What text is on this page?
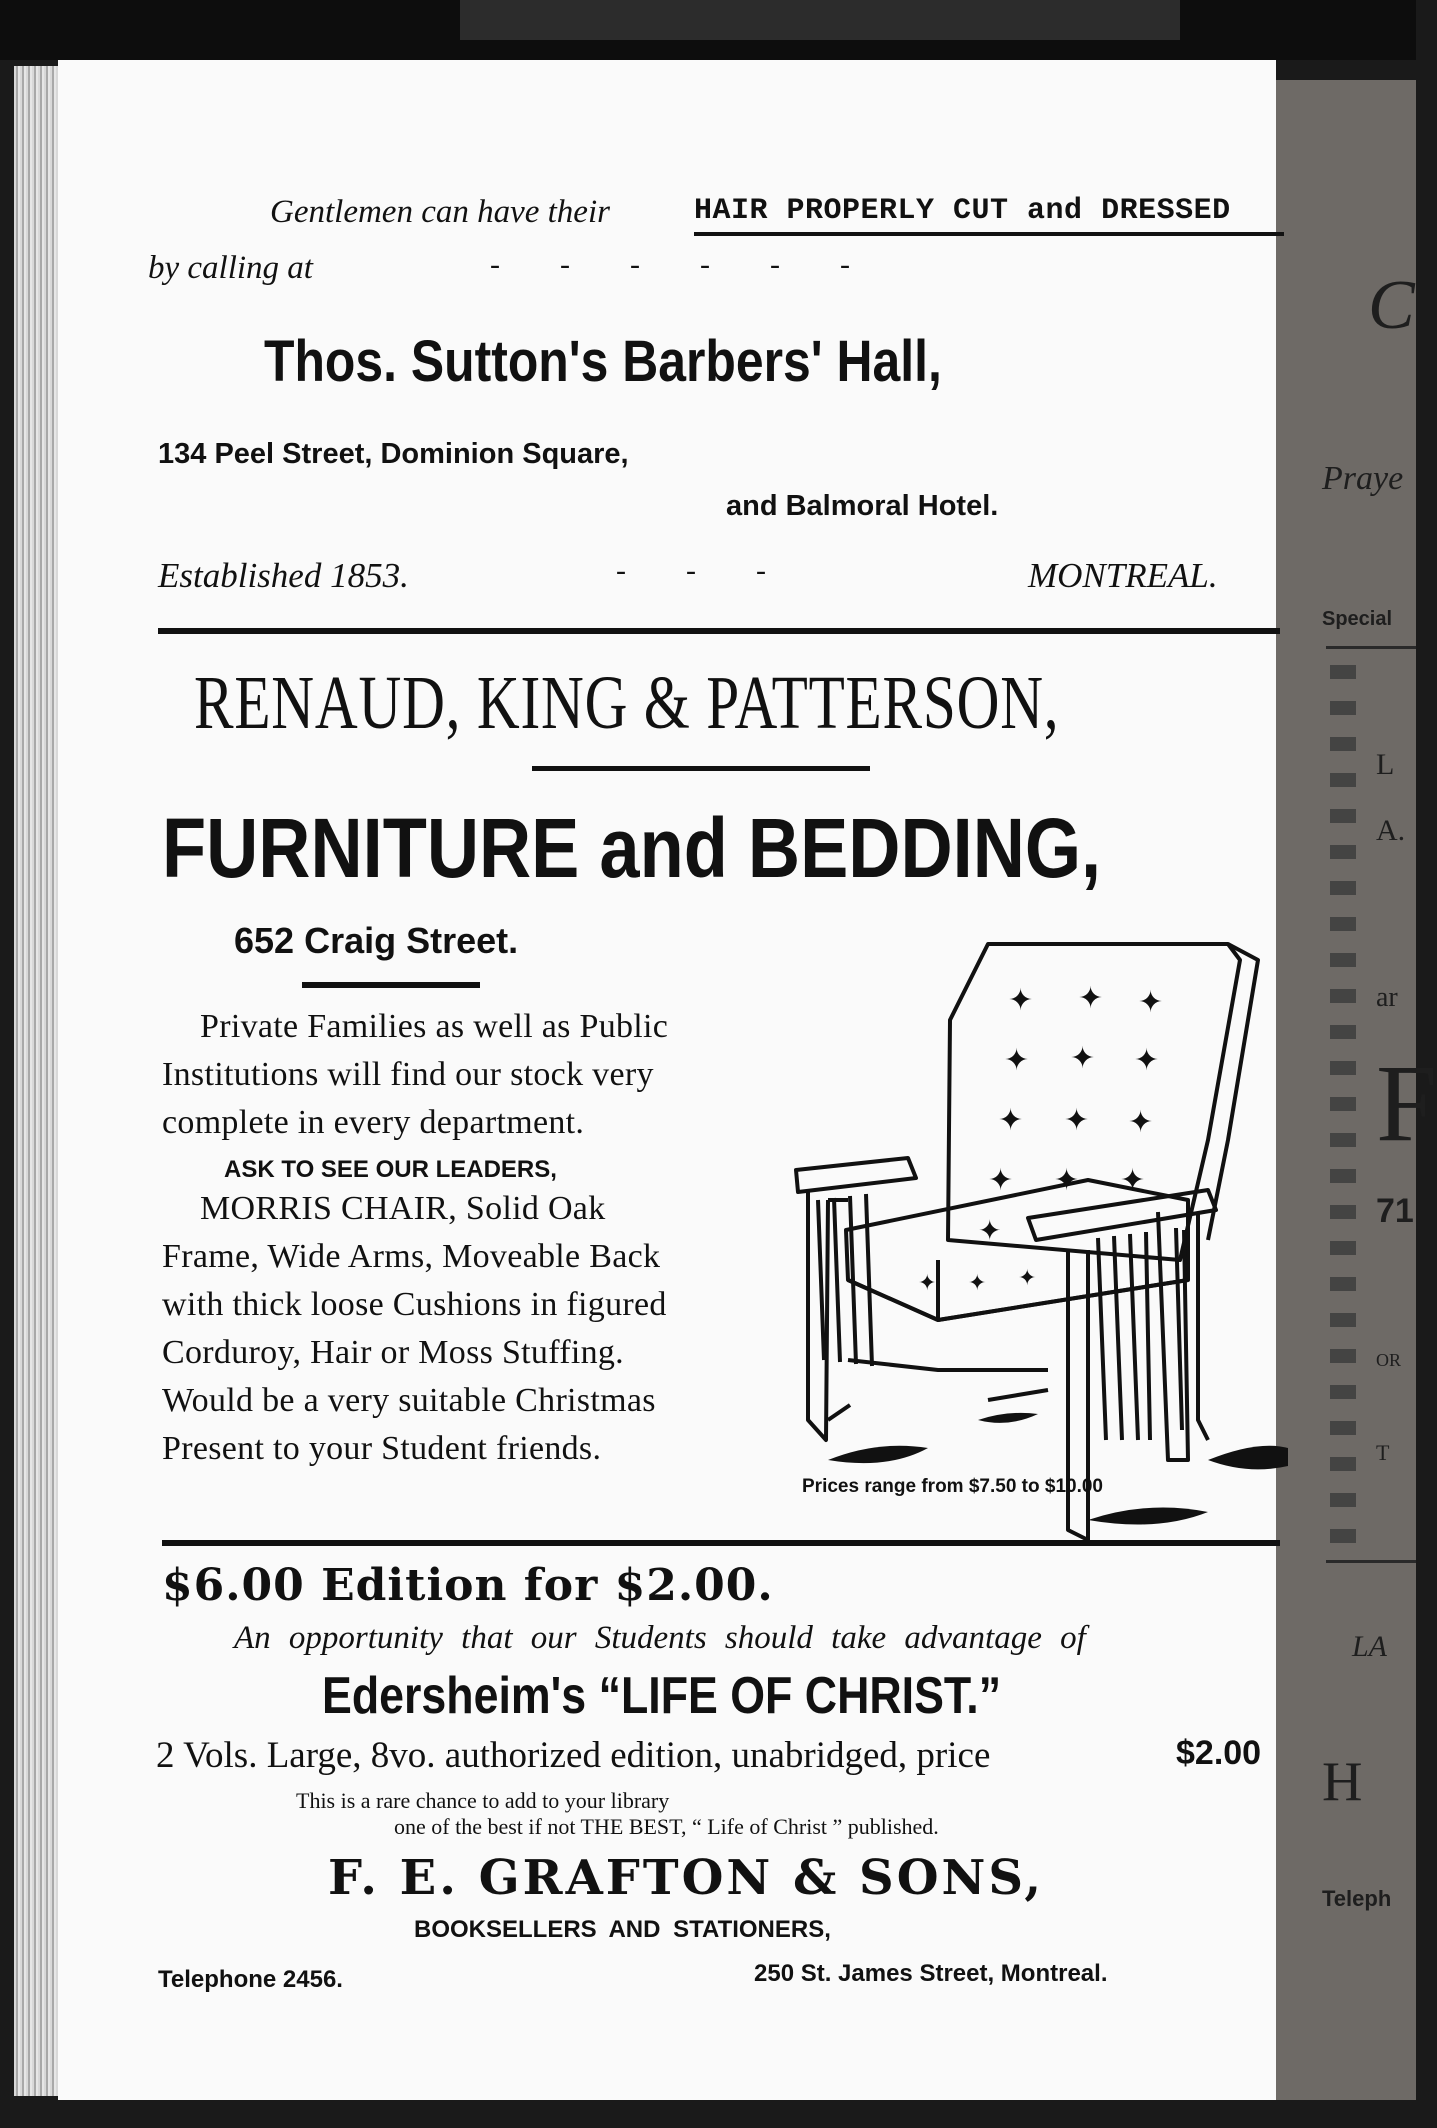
C
Praye
Special
L
A.
ar
F
71
OR
T
LA
H
Teleph
Gentlemen can have their	HAIR PROPERLY CUT and DRESSED
by calling at	-        -        -        -        -        -
Thos. Sutton's Barbers' Hall,
134 Peel Street, Dominion Square,
and Balmoral Hotel.
Established 1853.	-        -        -	MONTREAL.
RENAUD, KING & PATTERSON,
FURNITURE and BEDDING,
652 Craig Street.
Private Families as well as Public
Institutions will find our stock very
complete in every department.
ASK TO SEE OUR LEADERS,
MORRIS CHAIR, Solid Oak
Frame, Wide Arms, Moveable Back
with thick loose Cushions in figured
Corduroy, Hair or Moss Stuffing.
Would be a very suitable Christmas
Present to your Student friends.
✦ ✦ ✦
✦ ✦ ✦
✦ ✦ ✦
✦ ✦ ✦
✦
✦ ✦ ✦
Prices range from $7.50 to $10.00
$6.00 Edition for $2.00.
An opportunity that our Students should take advantage of
Edersheim's “LIFE OF CHRIST.”
2 Vols. Large, 8vo. authorized edition, unabridged, price	$2.00
This is a rare chance to add to your library
one of the best if not THE BEST, “ Life of Christ ” published.
F. E. GRAFTON & SONS,
BOOKSELLERS AND STATIONERS,
Telephone 2456.	250 St. James Street, Montreal.
